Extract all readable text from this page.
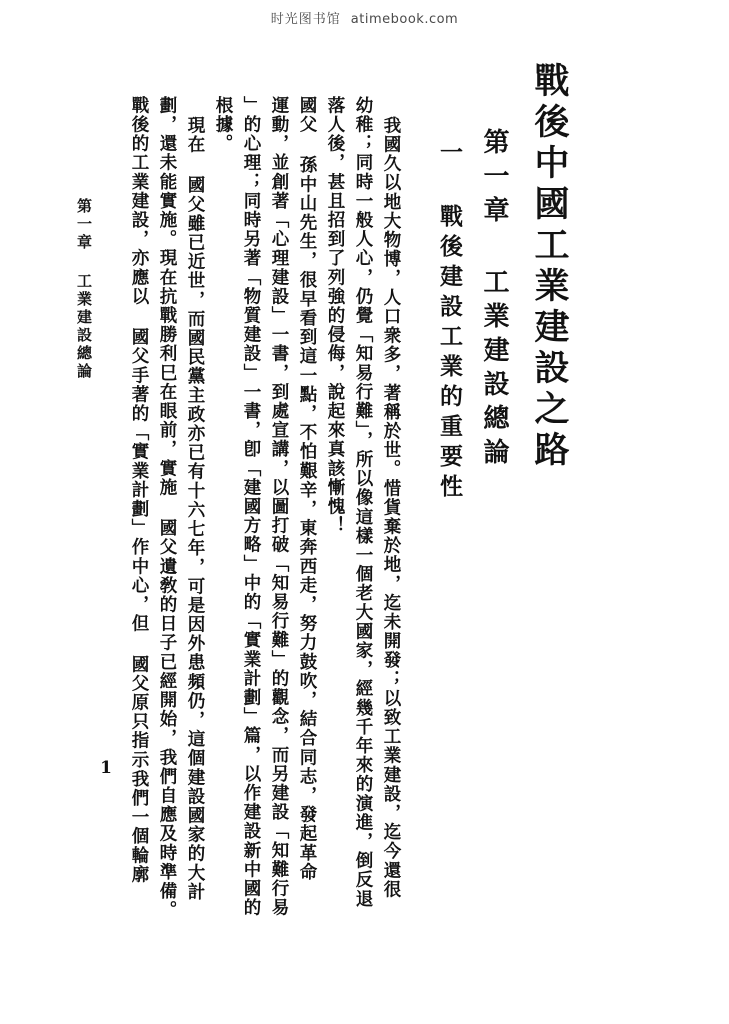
时光图书馆 atimebook.com
戰後中國工業建設之路
第一章 工業建設總論
一 戰後建設工業的重要性
我國久以地大物博，人口衆多，著稱於世。惜貨棄於地，迄未開發；以致工業建設，迄今還很
幼稚；同時一般人心，仍覺「知易行難」，所以像這樣一個老大國家，經幾千年來的演進，倒反退
落人後，甚且招到了列強的侵侮，說起來真該慚愧！
國父 孫中山先生，很早看到這一點，不怕艱辛，東奔西走，努力鼓吹，結合同志，發起革命
運動，並創著「心理建設」一書，到處宣講，以圖打破「知易行難」的觀念，而另建設「知難行易
」的心理；同時另著「物質建設」一書，卽「建國方略」中的「實業計劃」篇，以作建設新中國的
根據。
現在 國父雖已近世，而國民黨主政亦已有十六七年，可是因外患頻仍，這個建設國家的大計
劃，還未能實施。現在抗戰勝利巳在眼前，實施 國父遺敎的日子已經開始，我們自應及時準備。
戰後的工業建設，亦應以 國父手著的「實業計劃」作中心，但 國父原只指示我們一個輪廓
第一章 工業建設總論
1
